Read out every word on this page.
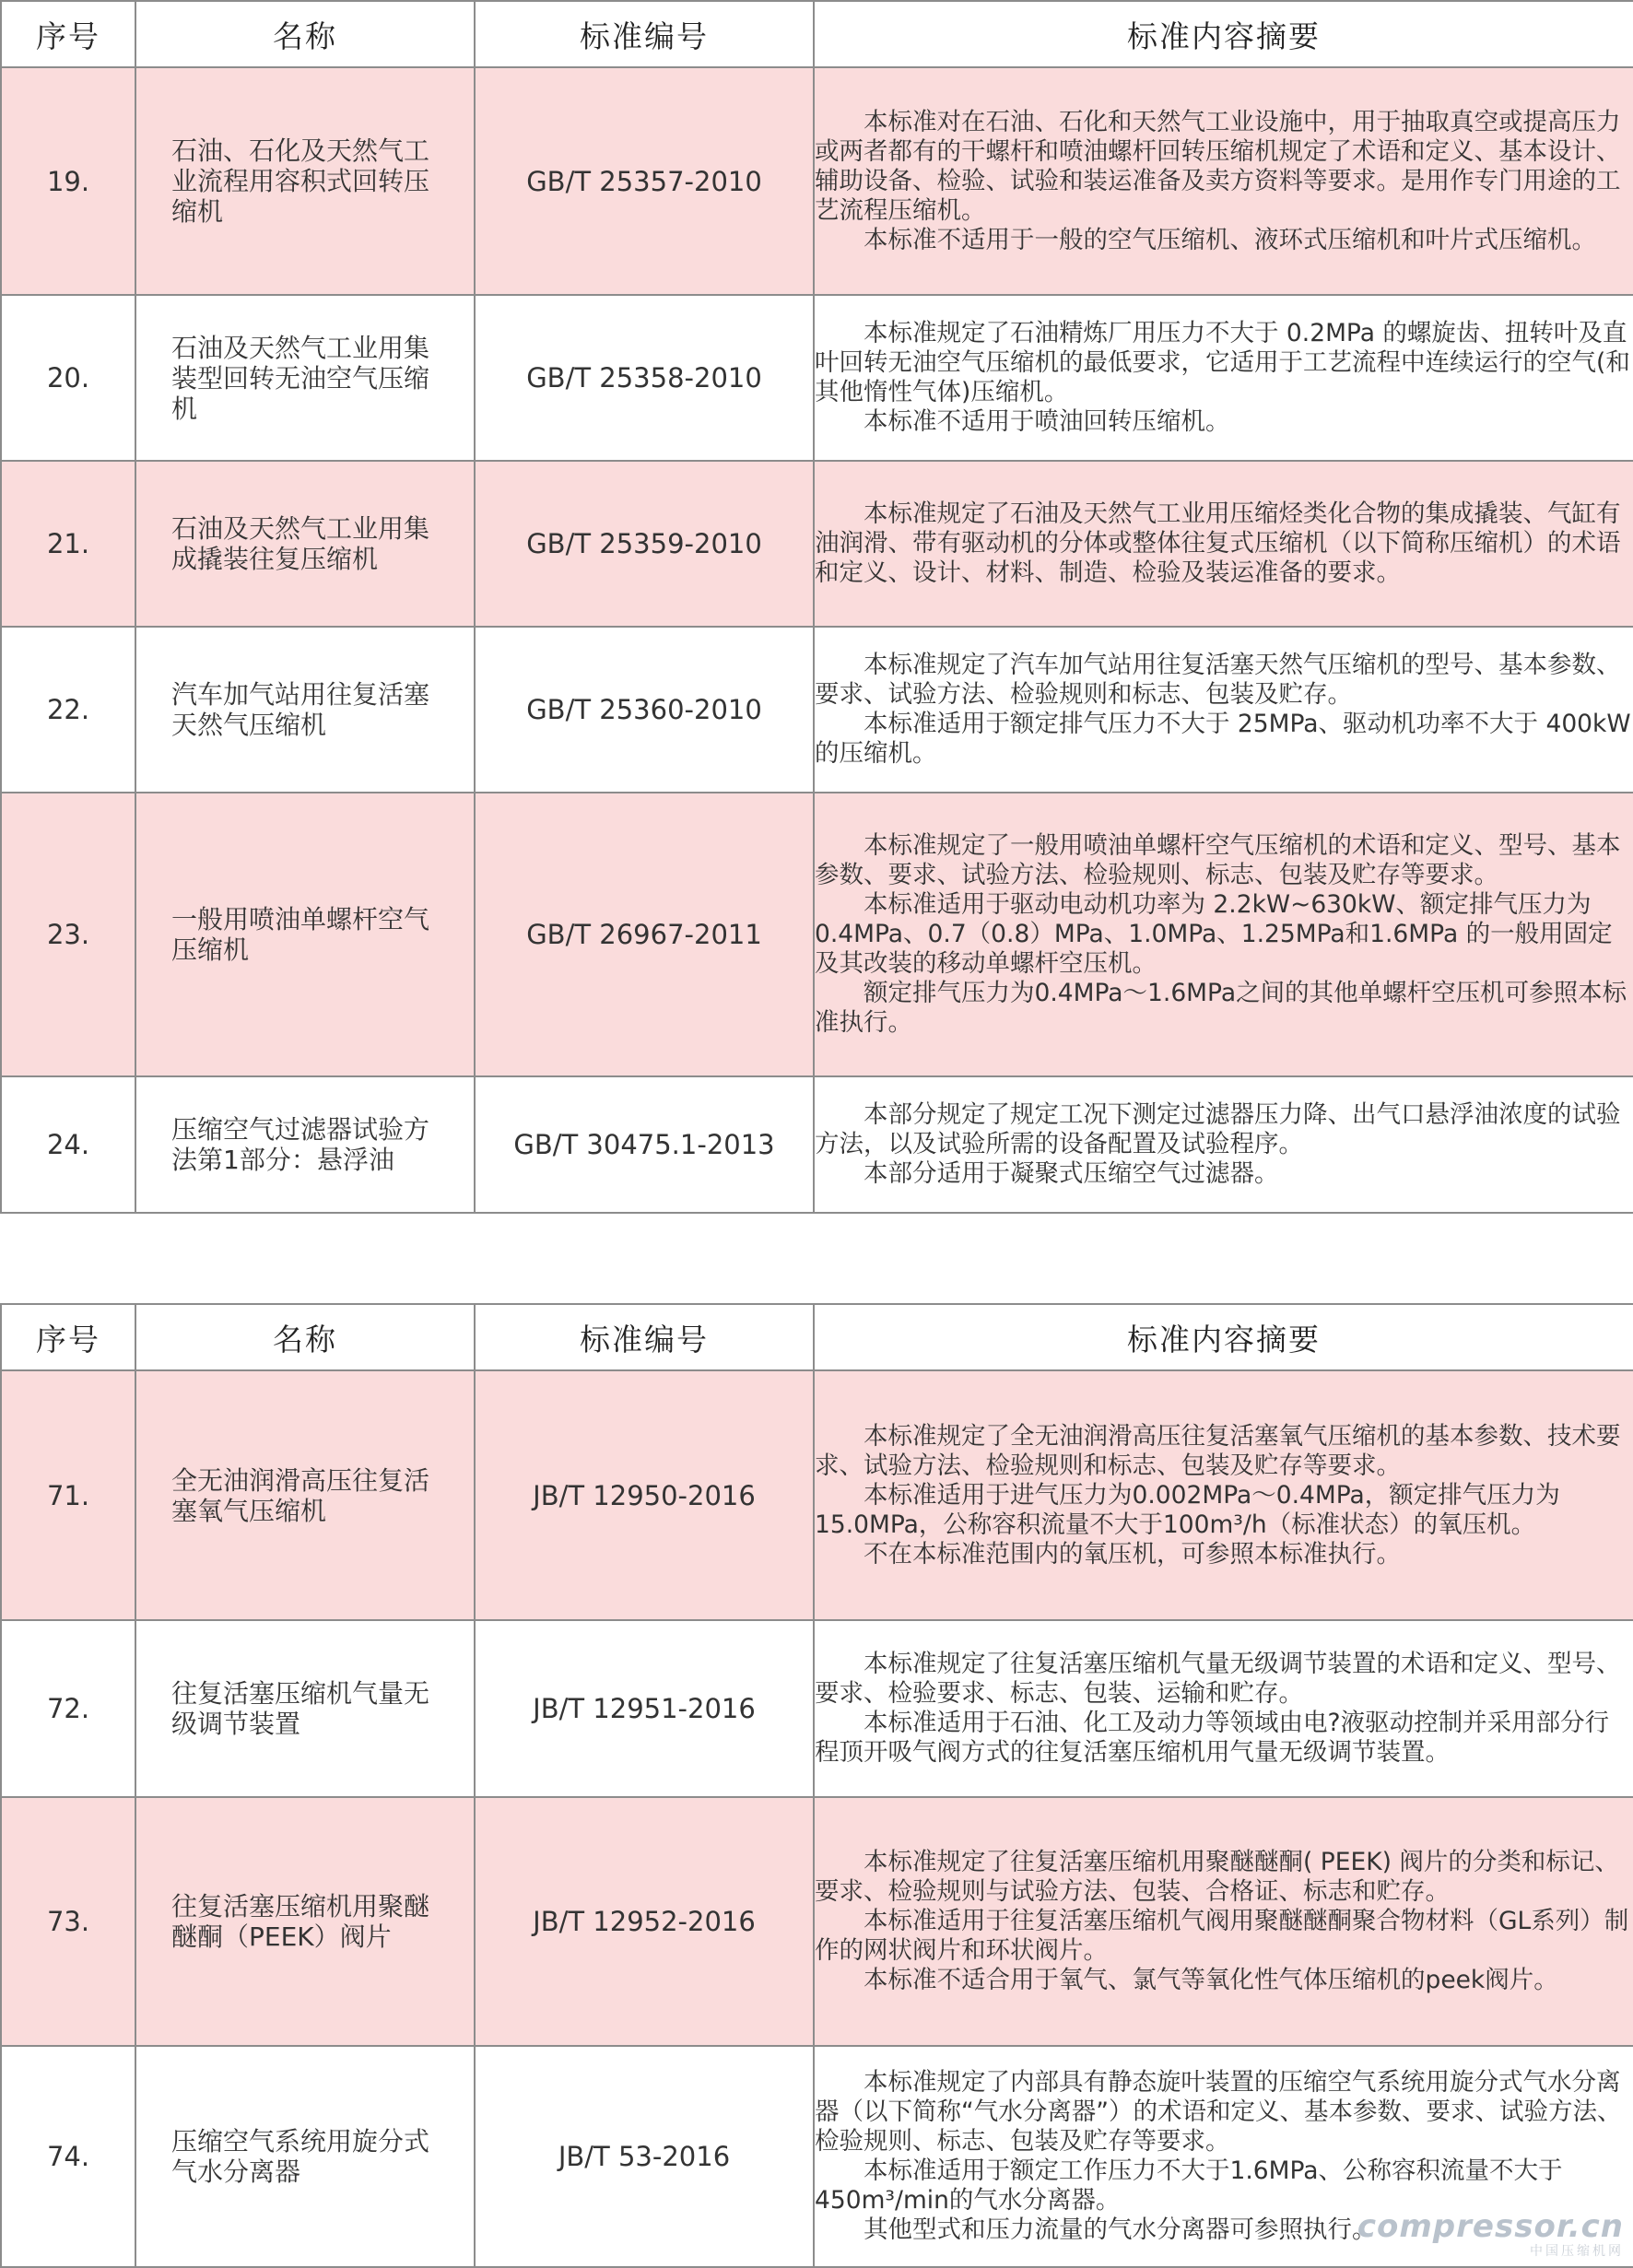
序号	名称	标准编号	标准内容摘要
19.	石油、石化及天然气工业流程用容积式回转压缩机	GB/T 25357-2010	本标准对在石油、石化和天然气工业设施中，用于抽取真空或提高压力或两者都有的干螺杆和喷油螺杆回转压缩机规定了术语和定义、基本设计、辅助设备、检验、试验和装运准备及卖方资料等要求。是用作专门用途的工艺流程压缩机。

本标准不适用于一般的空气压缩机、液环式压缩机和叶片式压缩机。

20.	石油及天然气工业用集装型回转无油空气压缩机	GB/T 25358-2010	本标准规定了石油精炼厂用压力不大于 0.2MPa 的螺旋齿、扭转叶及直叶回转无油空气压缩机的最低要求，它适用于工艺流程中连续运行的空气(和其他惰性气体)压缩机。

本标准不适用于喷油回转压缩机。

21.	石油及天然气工业用集成撬装往复压缩机	GB/T 25359-2010	本标准规定了石油及天然气工业用压缩烃类化合物的集成撬装、气缸有油润滑、带有驱动机的分体或整体往复式压缩机（以下简称压缩机）的术语和定义、设计、材料、制造、检验及装运准备的要求。

22.	汽车加气站用往复活塞天然气压缩机	GB/T 25360-2010	本标准规定了汽车加气站用往复活塞天然气压缩机的型号、基本参数、要求、试验方法、检验规则和标志、包装及贮存。

本标准适用于额定排气压力不大于 25MPa、驱动机功率不大于 400kW 的压缩机。

23.	一般用喷油单螺杆空气压缩机	GB/T 26967-2011	本标准规定了一般用喷油单螺杆空气压缩机的术语和定义、型号、基本参数、要求、试验方法、检验规则、标志、包装及贮存等要求。

本标准适用于驱动电动机功率为 2.2kW~630kW、额定排气压力为0.4MPa、0.7（0.8）MPa、1.0MPa、1.25MPa和1.6MPa 的一般用固定及其改装的移动单螺杆空压机。

额定排气压力为0.4MPa～1.6MPa之间的其他单螺杆空压机可参照本标准执行。

24.	压缩空气过滤器试验方法第1部分：悬浮油	GB/T 30475.1-2013	本部分规定了规定工况下测定过滤器压力降、出气口悬浮油浓度的试验方法，以及试验所需的设备配置及试验程序。

本部分适用于凝聚式压缩空气过滤器。

序号	名称	标准编号	标准内容摘要
71.	全无油润滑高压往复活塞氧气压缩机	JB/T 12950-2016	本标准规定了全无油润滑高压往复活塞氧气压缩机的基本参数、技术要求、试验方法、检验规则和标志、包装及贮存等要求。

本标准适用于进气压力为0.002MPa～0.4MPa，额定排气压力为15.0MPa，公称容积流量不大于100m³/h（标准状态）的氧压机。

不在本标准范围内的氧压机，可参照本标准执行。

72.	往复活塞压缩机气量无级调节装置	JB/T 12951-2016	本标准规定了往复活塞压缩机气量无级调节装置的术语和定义、型号、要求、检验要求、标志、包装、运输和贮存。

本标准适用于石油、化工及动力等领域由电?液驱动控制并采用部分行程顶开吸气阀方式的往复活塞压缩机用气量无级调节装置。

73.	往复活塞压缩机用聚醚醚酮（PEEK）阀片	JB/T 12952-2016	本标准规定了往复活塞压缩机用聚醚醚酮( PEEK) 阀片的分类和标记、要求、检验规则与试验方法、包装、合格证、标志和贮存。

本标准适用于往复活塞压缩机气阀用聚醚醚酮聚合物材料（GL系列）制作的网状阀片和环状阀片。

本标准不适合用于氧气、氯气等氧化性气体压缩机的peek阀片。

74.	压缩空气系统用旋分式气水分离器	JB/T 53-2016	本标准规定了内部具有静态旋叶装置的压缩空气系统用旋分式气水分离器（以下简称“气水分离器”）的术语和定义、基本参数、要求、试验方法、检验规则、标志、包装及贮存等要求。

本标准适用于额定工作压力不大于1.6MPa、公称容积流量不大于450m³/min的气水分离器。

其他型式和压力流量的气水分离器可参照执行。

compressor.cn
中国压缩机网
